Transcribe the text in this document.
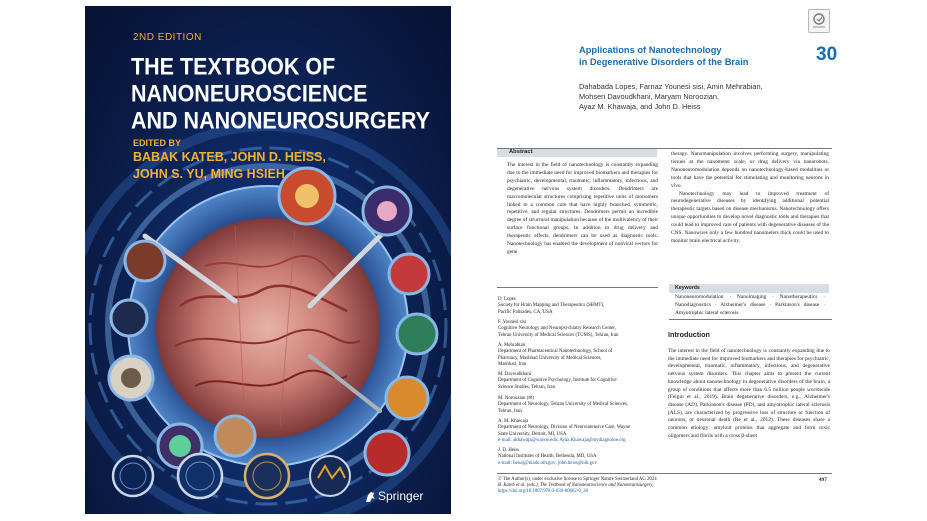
2ND EDITION
THE TEXTBOOK OF
NANONEUROSCIENCE
AND NANONEUROSURGERY
EDITED BY
BABAK KATEB, JOHN D. HEISS,
JOHN S. YU, MING HSIEH
Springer
Applications of Nanotechnology
in Degenerative Disorders of the Brain	30
Dahabada Lopes, Farnaz Younesi sisi, Amin Mehrabian,
Mohsen Davoudkhani, Maryam Noroozian,
Ayaz M. Khawaja, and John D. Heiss
Abstract

The interest in the field of nanotechnology is constantly expanding due to the immediate need for improved biomarkers and therapies for psychiatric, developmental, traumatic, inflammatory, infectious, and degenerative nervous system disorders. Dendrimers are macromolecular structures comprising repetitive units of monomers linked to a common core that have highly branched, symmetric, repetitive, and regular structures. Dendrimers permit an incredible degree of structural manipulation because of the multivalency of their surface functional groups. In addition to drug delivery and therapeutic effects, dendrimers can be used as diagnostic tools. Nanotechnology has enabled the development of nonviral vectors for gene

therapy. Nanomanipulation involves performing surgery, manipulating tissues at the nanometer scale, or drug delivery via nanorobots. Nanoneuromodulation depends on nanotechnology-based modalities or tools that have the potential for stimulating and monitoring neurons in vivo.

Nanotechnology may lead to improved treatment of neurodegenerative diseases by identifying additional potential therapeutic targets based on disease mechanisms. Nanotechnology offers unique opportunities to develop novel diagnostic tools and therapies that could lead to improved care of patients with degenerative diseases of the CNS. Nanowires only a few hundred nanometers thick could be used to monitor brain electrical activity.

Keywords
Nanoneuromodulation · Nanoimaging · Nanotherapeutics · Nanodiagnostics · Alzheimer's disease · Parkinson's disease · Amyotrophic lateral sclerosis
D. Lopes
Society for Brain Mapping and Therapeutics (SBMT),
Pacific Palisades, CA, USA
F. Younesi sisi
Cognitive Neurology and Neuropsychiatry Research Center,
Tehran University of Medical Sciences (TUMS), Tehran, Iran
A. Mehrabian
Department of Pharmaceutical Nanotechnology, School of
Pharmacy, Mashhad University of Medical Sciences,
Mashhad, Iran
M. Davoudkhani
Department of Cognitive Psychology, Institute for Cognitive
Science Studies, Tehran, Iran
M. Noroozian (✉)
Department of Neurology, Tehran University of Medical Sciences,
Tehran, Iran
A. M. Khawaja
Department of Neurology, Division of Neurointensive Care, Wayne
State University, Detroit, MI, USA
e-mail: akhawaja@wayne.edu; Ayaz.Khawaja@mydiagnome.org
J. D. Heiss
National Institutes of Health, Bethesda, MD, USA
e-mail: heissj@ninds.nih.gov; john.heiss@nih.gov
Introduction
The interest in the field of nanotechnology is constantly expanding due to the immediate need for improved biomarkers and therapies for psychiatric, developmental, traumatic, inflammatory, infectious, and degenerative nervous system disorders. This chapter aims to present the current knowledge about nanotechnology in degenerative disorders of the brain, a group of conditions that affects more than 6.5 million people worldwide (Feigin et al., 2019). Brain degenerative disorders, e.g., Alzheimer's disease (AD), Parkinson's disease (PD), and amyotrophic lateral sclerosis (ALS), are characterized by progressive loss of structure or function of neurons, or neuronal death (Re et al., 2012). These diseases share a common etiology: amyloid proteins that aggregate and form toxic oligomers and fibrils with a cross β-sheet
© The Author(s), under exclusive license to Springer Nature Switzerland AG 2024
B. Kateb et al. (eds.), The Textbook of Nanoneuroscience and Nanoneurosurgery,
https://doi.org/10.1007/978-3-030-80662-0_30
497
